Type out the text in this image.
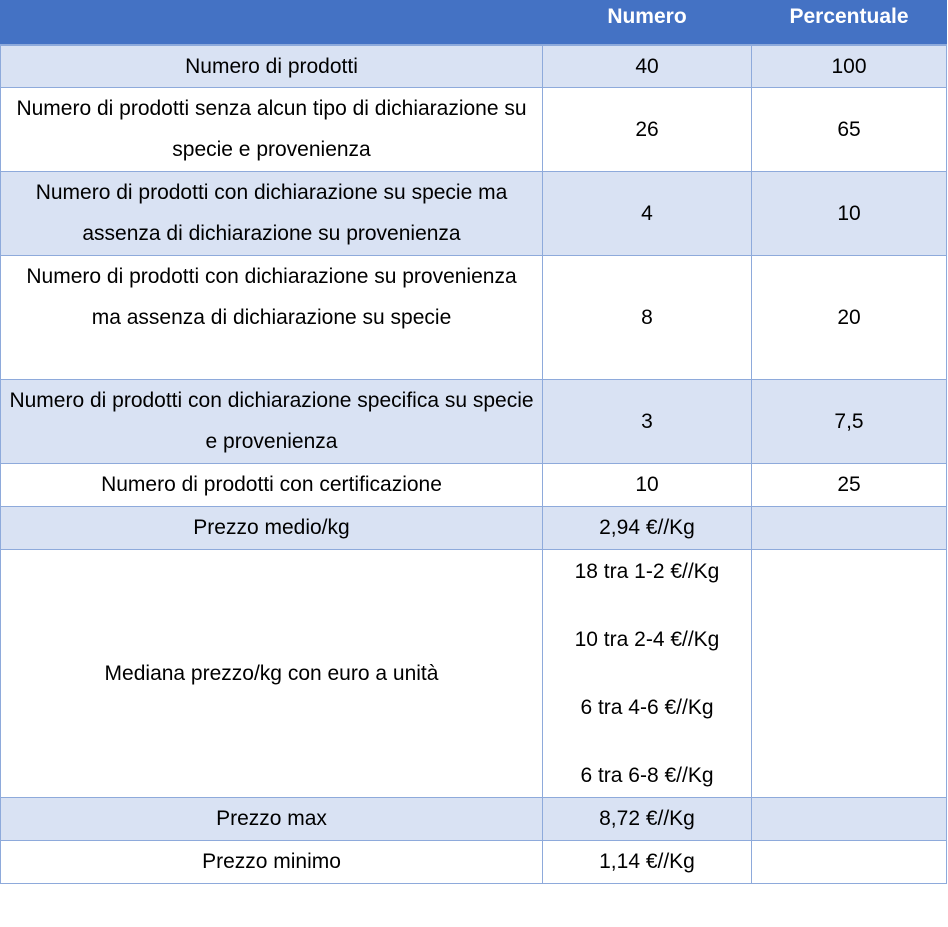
	Numero	Percentuale
Numero di prodotti	40	100
Numero di prodotti senza alcun tipo di dichiarazione su specie e provenienza	26	65
Numero di prodotti con dichiarazione su specie ma assenza di dichiarazione su provenienza	4	10
Numero di prodotti con dichiarazione su provenienza ma assenza di dichiarazione su specie	8	20
Numero di prodotti con dichiarazione specifica su specie e provenienza	3	7,5
Numero di prodotti con certificazione	10	25
Prezzo medio/kg	2,94 €//Kg	
Mediana prezzo/kg con euro a unità	18 tra 1-2 €//Kg
10 tra 2-4 €//Kg
6 tra 4-6 €//Kg
6 tra 6-8 €//Kg	

Prezzo max	8,72 €//Kg	
Prezzo minimo	1,14 €//Kg	
